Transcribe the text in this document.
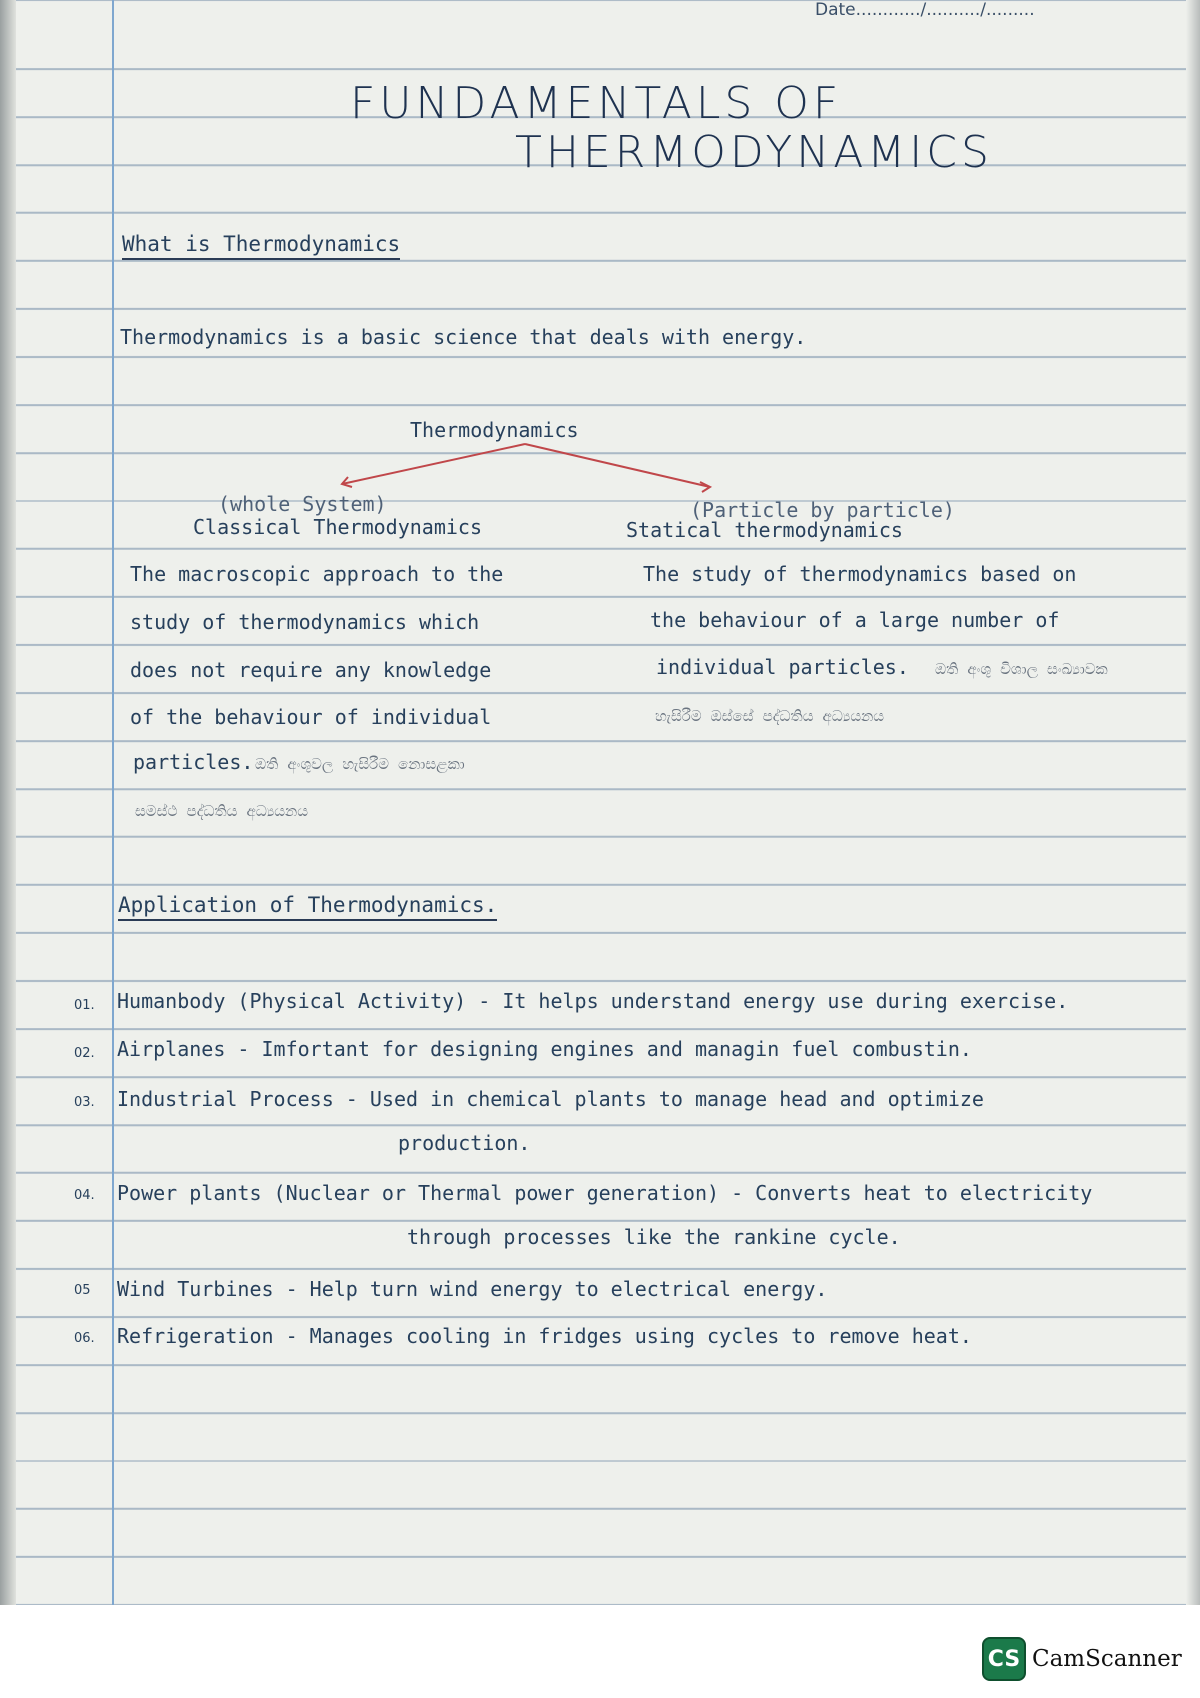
Date............/........../.........
FUNDAMENTALS OF
THERMODYNAMICS
What is Thermodynamics
Thermodynamics is a basic science that deals with energy.
Thermodynamics
(whole System)
Classical Thermodynamics
(Particle by particle)
Statical thermodynamics
The macroscopic approach to the
study of thermodynamics which
does not require any knowledge
of the behaviour of individual
particles. ඔති අංශුවල හැසිරීම නොසළකා
සමස්ථ පද්ධතිය අධ්‍යයනය
The study of thermodynamics based on
the behaviour of a large number of
individual particles. ඔති අංශු විශාල සංඛ්‍යාවක
හැසිරීම ඔස්සේ පද්ධතිය අධ්‍යයනය
Application of Thermodynamics.
01. Humanbody (Physical Activity) - It helps understand energy use during exercise.
02. Airplanes - Imfortant for designing engines and managin fuel combustin.
03. Industrial Process - Used in chemical plants to manage head and optimize
production.
04. Power plants (Nuclear or Thermal power generation) - Converts heat to electricity
through processes like the rankine cycle.
05 Wind Turbines - Help turn wind energy to electrical energy.
06. Refrigeration - Manages cooling in fridges using cycles to remove heat.
CS CamScanner
